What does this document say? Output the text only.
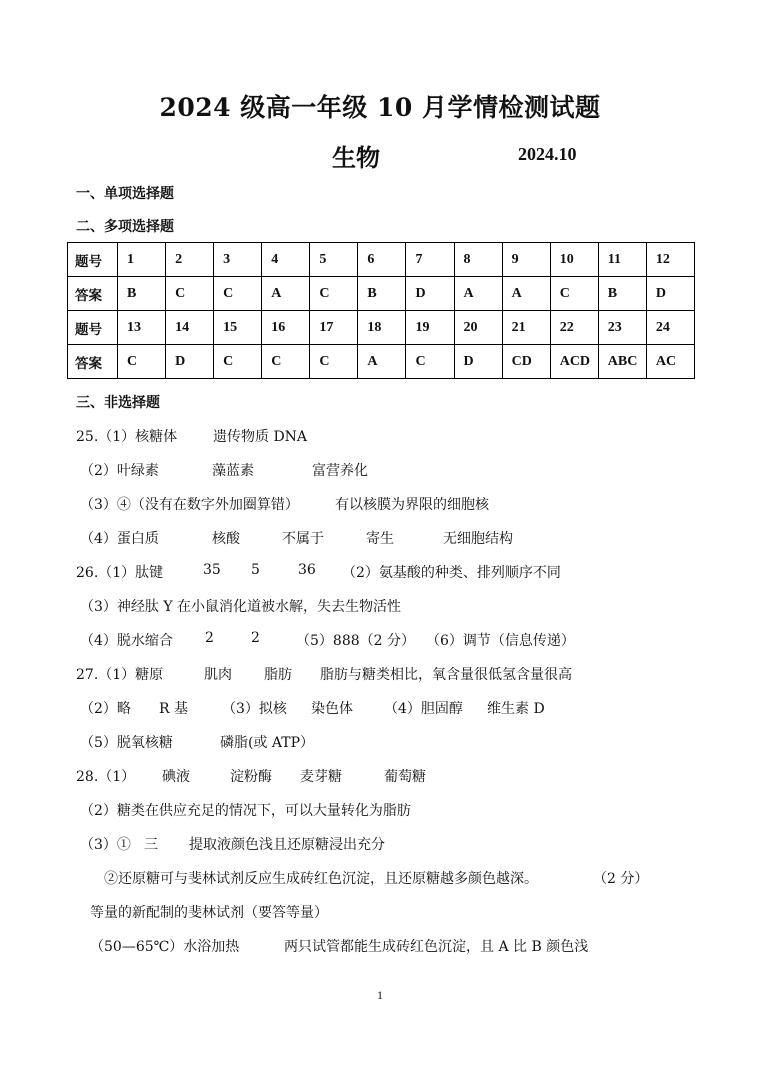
2024 级高一年级 10 月学情检测试题
生物	2024.10
一、单项选择题
二、多项选择题
题号	1	2	3	4	5	6	7	8	9	10	11	12
答案	B	C	C	A	C	B	D	A	A	C	B	D
题号	13	14	15	16	17	18	19	20	21	22	23	24
答案	C	D	C	C	C	A	C	D	CD	ACD	ABC	AC
三、非选择题
25.（1）核糖体	遗传物质 DNA
（2）叶绿素	藻蓝素	富营养化
（3）④（没有在数字外加圈算错）	有以核膜为界限的细胞核
（4）蛋白质	核酸	不属于	寄生	无细胞结构
26.（1）肽键	35 5	36 （2）氨基酸的种类、排列顺序不同
（3）神经肽 Y 在小鼠消化道被水解，失去生物活性
（4）脱水缩合 2	2	（5）888（2 分） （6）调节（信息传递）
27.（1）糖原	肌肉 脂肪 脂肪与糖类相比，氧含量很低氢含量很高
（2）略 R 基 （3）拟核 染色体 （4）胆固醇 维生素 D
（5）脱氧核糖	磷脂(或 ATP）
28.（1） 碘液	淀粉酶 麦芽糖	葡萄糖
（2）糖类在供应充足的情况下，可以大量转化为脂肪
（3）① 三 提取液颜色浅且还原糖浸出充分
②还原糖可与斐林试剂反应生成砖红色沉淀，且还原糖越多颜色越深。	（2 分）
等量的新配制的斐林试剂（要答等量）
（50—65℃）水浴加热	两只试管都能生成砖红色沉淀，且 A 比 B 颜色浅
1
